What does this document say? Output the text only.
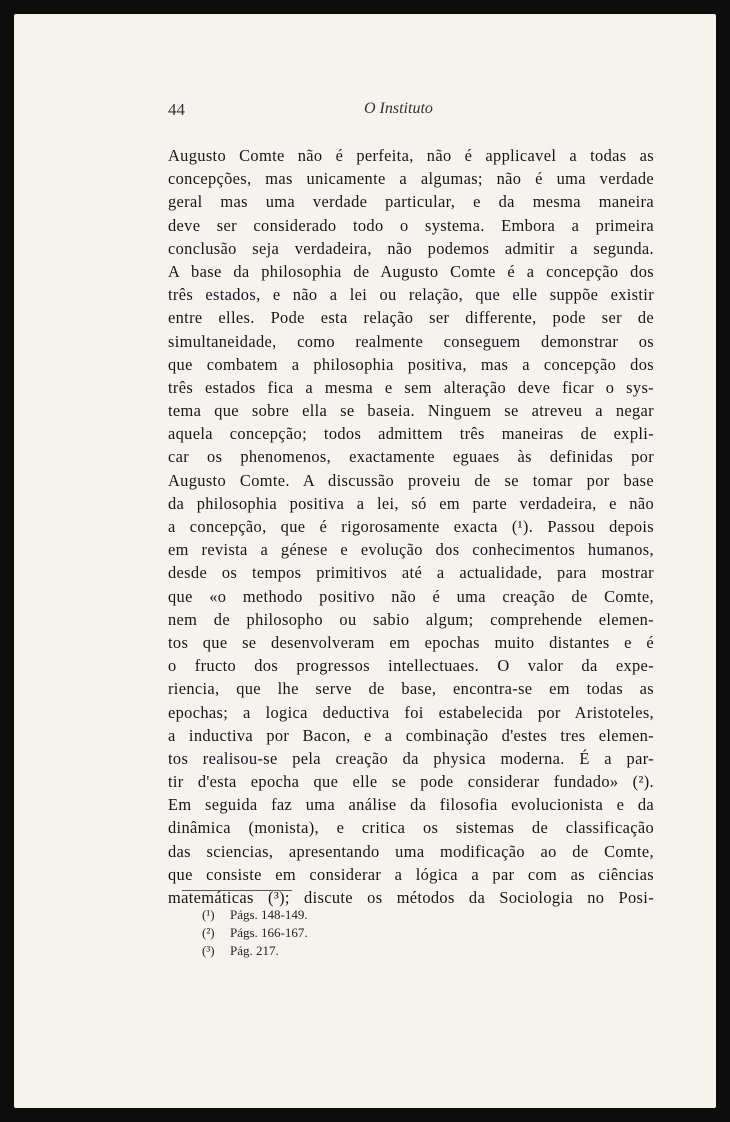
44	O Instituto
Augusto Comte não é perfeita, não é applicavel a todas as
concepções, mas unicamente a algumas; não é uma verdade
geral mas uma verdade particular, e da mesma maneira
deve ser considerado todo o systema. Embora a primeira
conclusão seja verdadeira, não podemos admitir a segunda.
A base da philosophia de Augusto Comte é a concepção dos
três estados, e não a lei ou relação, que elle suppõe existir
entre elles. Pode esta relação ser differente, pode ser de
simultaneidade, como realmente conseguem demonstrar os
que combatem a philosophia positiva, mas a concepção dos
três estados fica a mesma e sem alteração deve ficar o sys-
tema que sobre ella se baseia. Ninguem se atreveu a negar
aquela concepção; todos admittem três maneiras de expli-
car os phenomenos, exactamente eguaes às definidas por
Augusto Comte. A discussão proveiu de se tomar por base
da philosophia positiva a lei, só em parte verdadeira, e não
a concepção, que é rigorosamente exacta (¹). Passou depois
em revista a génese e evolução dos conhecimentos humanos,
desde os tempos primitivos até a actualidade, para mostrar
que «o methodo positivo não é uma creação de Comte,
nem de philosopho ou sabio algum; comprehende elemen-
tos que se desenvolveram em epochas muito distantes e é
o fructo dos progressos intellectuaes. O valor da expe-
riencia, que lhe serve de base, encontra-se em todas as
epochas; a logica deductiva foi estabelecida por Aristoteles,
a inductiva por Bacon, e a combinação d'estes tres elemen-
tos realisou-se pela creação da physica moderna. É a par-
tir d'esta epocha que elle se pode considerar fundado» (²).
Em seguida faz uma análise da filosofia evolucionista e da
dinâmica (monista), e critica os sistemas de classificação
das sciencias, apresentando uma modificação ao de Comte,
que consiste em considerar a lógica a par com as ciências
matemáticas (³); discute os métodos da Sociologia no Posi-
(¹) Págs. 148-149.
(²) Págs. 166-167.
(³) Pág. 217.
